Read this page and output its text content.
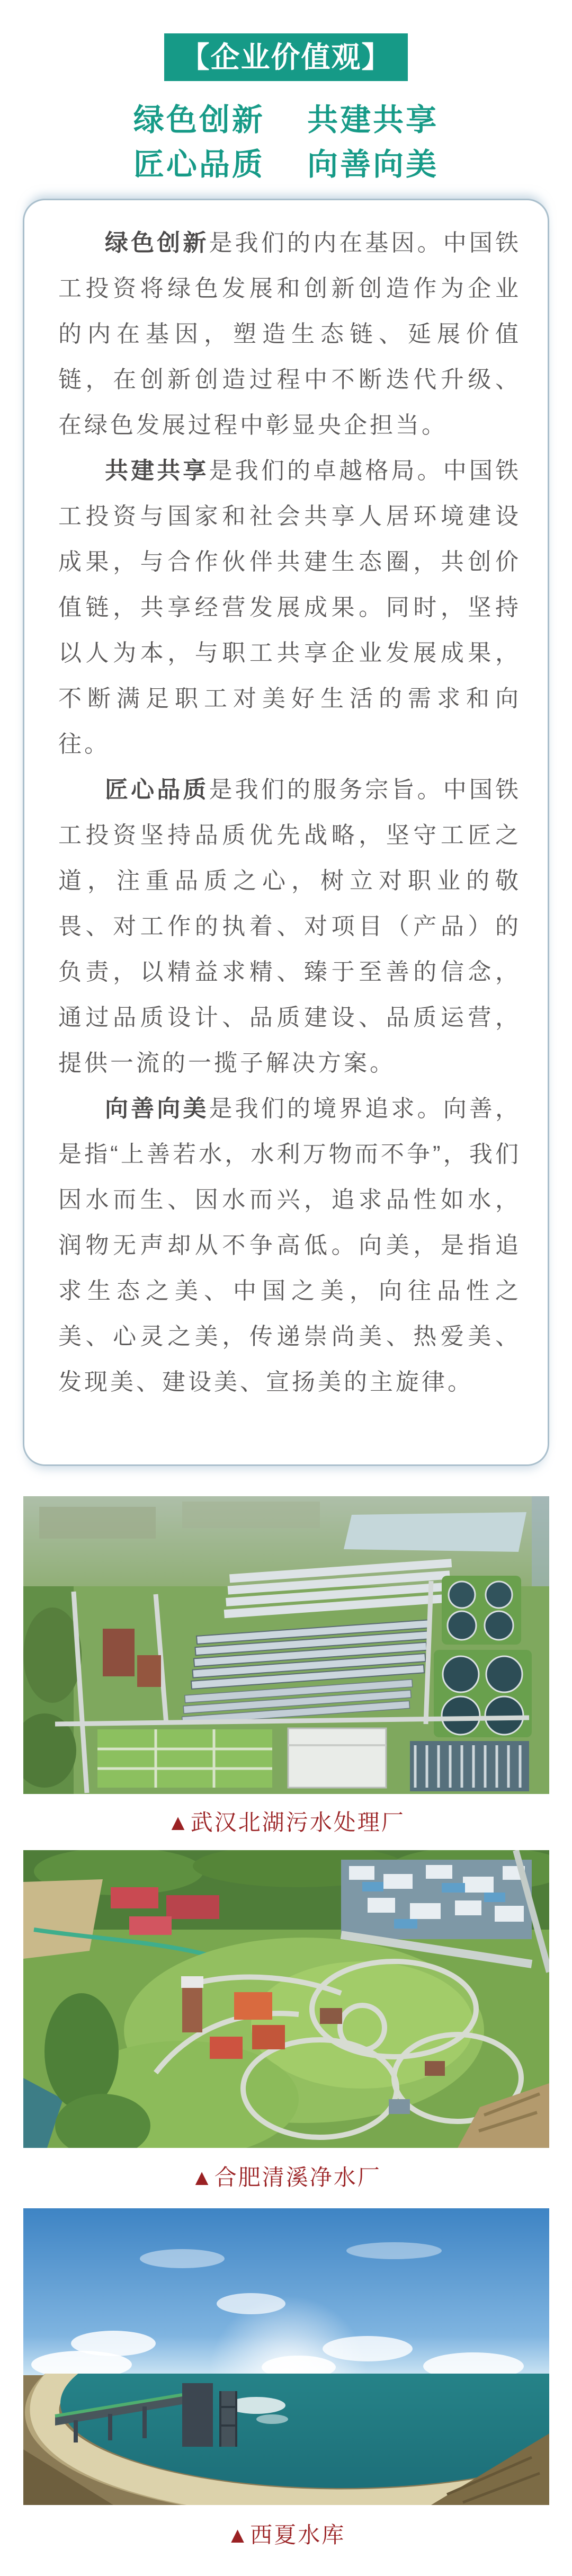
【企业价值观】
绿色创新 共建共享
匠心品质 向善向美

绿色创新是我们的内在基因。中国铁工投资将绿色发展和创新创造作为企业的内在基因，塑造生态链、延展价值链，在创新创造过程中不断迭代升级、在绿色发展过程中彰显央企担当。

共建共享是我们的卓越格局。中国铁工投资与国家和社会共享人居环境建设成果，与合作伙伴共建生态圈，共创价值链，共享经营发展成果。同时，坚持以人为本，与职工共享企业发展成果，不断满足职工对美好生活的需求和向往。

匠心品质是我们的服务宗旨。中国铁工投资坚持品质优先战略，坚守工匠之道，注重品质之心，树立对职业的敬畏、对工作的执着、对项目（产品）的负责，以精益求精、臻于至善的信念，通过品质设计、品质建设、品质运营，提供一流的一揽子解决方案。

向善向美是我们的境界追求。向善，是指“上善若水，水利万物而不争”，我们因水而生、因水而兴，追求品性如水，润物无声却从不争高低。向美，是指追求生态之美、中国之美，向往品性之美、心灵之美，传递崇尚美、热爱美、发现美、建设美、宣扬美的主旋律。

▲武汉北湖污水处理厂
▲合肥清溪净水厂
▲西夏水库
